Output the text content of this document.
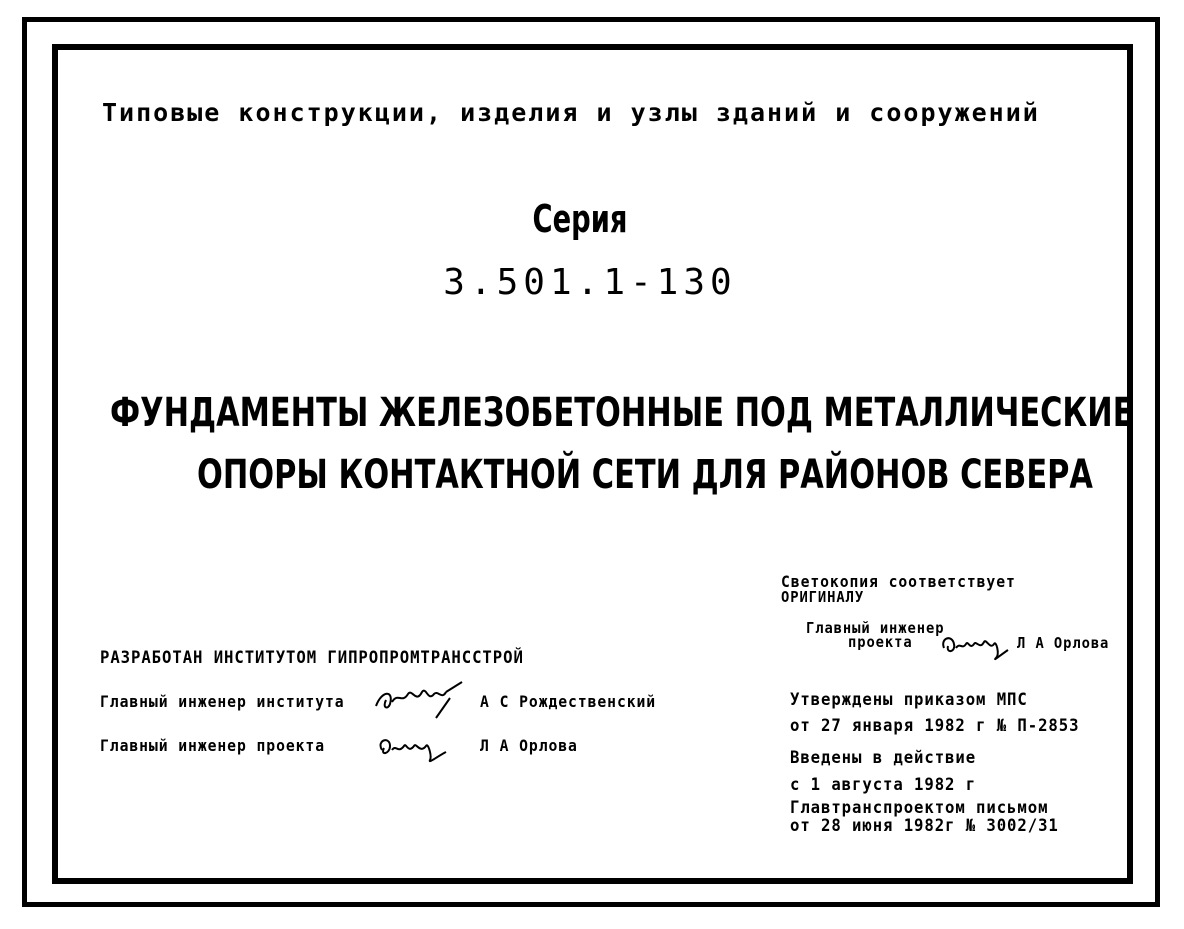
Типовые конструкции, изделия и узлы зданий и сооружений
Серия
3.501.1-130
ФУНДАМЕНТЫ ЖЕЛЕЗОБЕТОННЫЕ ПОД МЕТАЛЛИЧЕСКИЕ
ОПОРЫ КОНТАКТНОЙ СЕТИ ДЛЯ РАЙОНОВ СЕВЕРА
Светокопия соответствует
ОРИГИНАЛУ
Главный инженер
проекта	Л А Орлова
РАЗРАБОТАН ИНСТИТУТОМ ГИПРОПРОМТРАНССТРОЙ
Главный инженер института	А С Рождественский
Главный инженер проекта	Л А Орлова
Утверждены приказом МПС
от 27 января 1982 г № П-2853
Введены в действие
с 1 августа 1982 г
Главтранспроектом письмом
от 28 июня 1982г № 3002/31
